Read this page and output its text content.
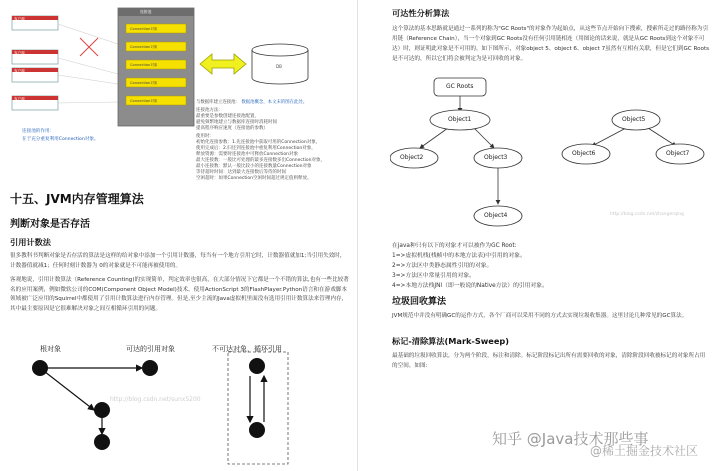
客户端
客户端
客户端
客户端
连接池
Connection对象
Connection对象
Connection对象
Connection对象
Connection对象
DB
与数据库建立连接池： 数据池概念，本文末的图在此处。
连接池方法：
最重要是参数创建连接池配置，
避免频繁地建立与数据库连接时消耗时间
提高程序响应速度（连接池的参数）
使用时：
初始化连接参数：1.先连接池中获取可用的Connection对象，
使用完成后：2.归还到连接池中重复利用Connection对象，
释放资源：需要时连接池中可释放Connection对象
最大连接数：一般比可处理的最多连接数多出Connection对象，
最小连接数：默认一般比较小的连接数量Connection对象
等待超时时间：达到最大连接数后等待的时间
空闲超时：如果Connection空闲时间超过规定值则释放。
连接池的作用：
在于充分重复利用Connection对象。
十五、JVM内存管理算法
判断对象是否存活
引用计数法
很多教科书判断对象是否存活的算法是这样的给对象中添加一个引用计数器，每当有一个地方引用它时，计数器值就加1;当引用失效时，计数器值就减1；任何时刻计数器为 0的对象就是不可能再被使用的。
客观地说，引用计数算法（Reference Counting)的实现简单，判定效率也很高，在大部分情况下它都是一个不错的算法,也有一些比较著名的应用案例，例如微软公司的COM(Component Object Model)技术、使用ActionScript 3的FlashPlayer.Python语言和在游戏脚本领域被广泛应用的Squirrel中都使用了引用计数算法进行内存管理。但是,至少主流的Java虚拟机里面没有选用引用计数算法来管理内存，其中最主要原因是它很难解决对象之间互相循环引用的问题。
根对象	可达的引用对象	不可达对象，循环引用
http://blog.csdn.net/sunx5200
可达性分析算法
这个算法的基本思路就是通过一系列的称为"GC Roots"的对象作为起始点，从这些节点开始向下搜索，搜索所走过的路径称为引用链（Reference Chain），当一个对象到GC Roots没有任何引用链相连（用图论的话来说，就是从GC Roots到这个对象不可达）时，则证明此对象是不可用的。如下图所示，对象object 5、object 6、object 7虽然有互相有关联，但是它们到GC Roots是不可达的，所以它们将会被判定为是可回收的对象。
GC Roots
Object1
Object2	Object3
Object4
Object5
Object6	Object7
http://blog.csdn.net/zhangerqing
在java种只有以下的对象才可以被作为GC Root:
1=>虚拟机栈(栈帧中的本地方法表)中引用的对象。
2=>方法区中类静态属性引用的对象。
3=>方法区中常量引用的对象。
4=>本地方法栈JNI（即一般说的Native方法）的引用对象。
垃圾回收算法
JVM规范中并没有明确GC的运作方式，各个厂商可以采用不同的方式去实现垃圾收集器。这里讨论几种常见的GC算法。
标记-清除算法(Mark-Sweep)
最基础的垃圾回收算法，分为两个阶段，标注和清除。标记阶段标记出所有需要回收的对象，清除阶段回收被标记的对象所占用的空间。如图:
知乎 @Java技术那些事
@稀土掘金技术社区
